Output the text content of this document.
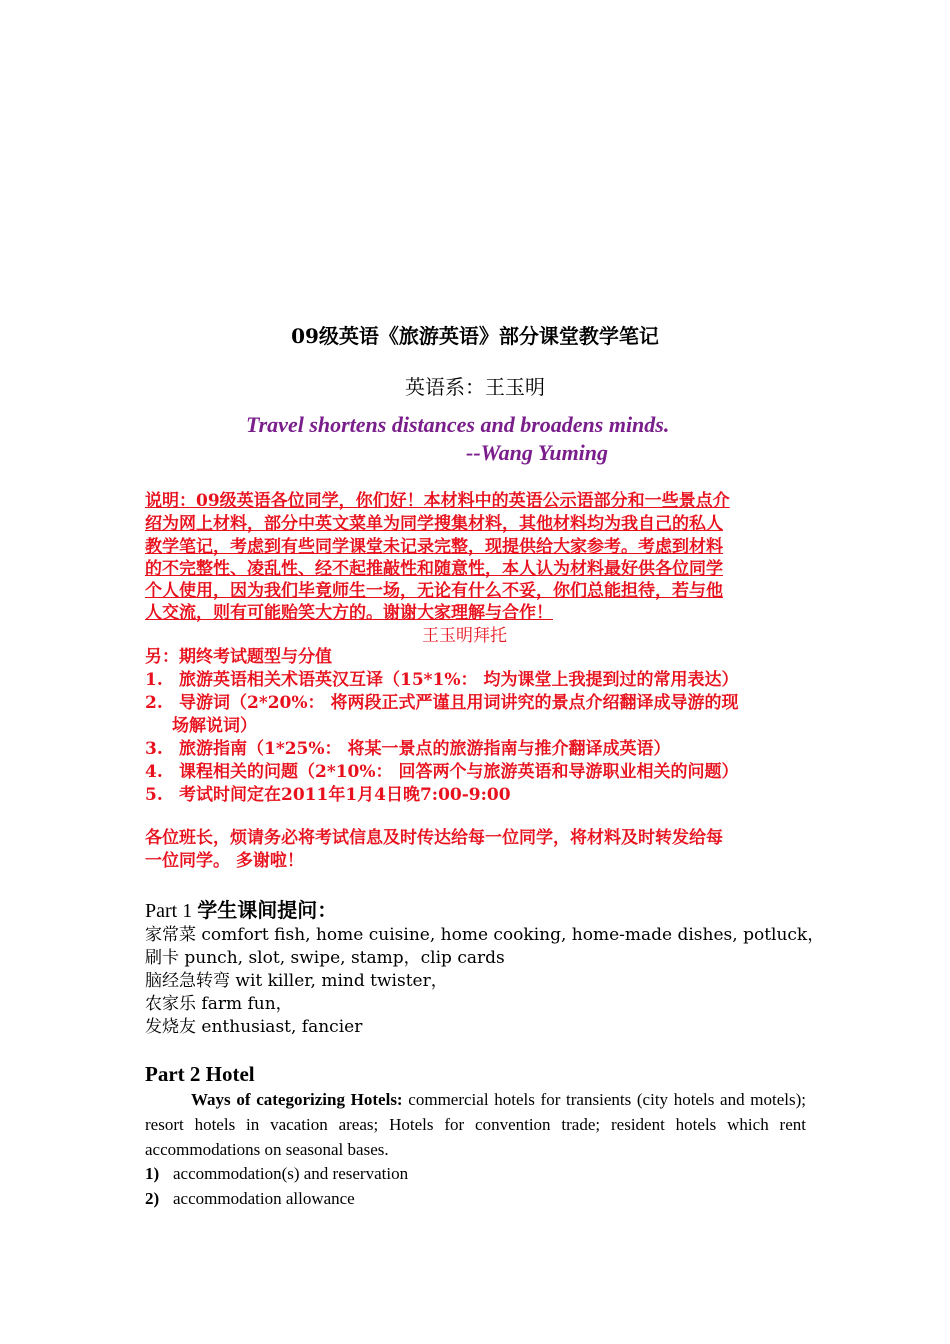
09级英语《旅游英语》部分课堂教学笔记
英语系：王玉明
Travel shortens distances and broadens minds.
--Wang Yuming
说明：09级英语各位同学，你们好！本材料中的英语公示语部分和一些景点介
绍为网上材料，部分中英文菜单为同学搜集材料，其他材料均为我自己的私人
教学笔记，考虑到有些同学课堂未记录完整，现提供给大家参考。考虑到材料
的不完整性、凌乱性、经不起推敲性和随意性，本人认为材料最好供各位同学
个人使用，因为我们毕竟师生一场，无论有什么不妥，你们总能担待，若与他
人交流，则有可能贻笑大方的。谢谢大家理解与合作！
王玉明拜托
另：期终考试题型与分值
1. 旅游英语相关术语英汉互译（15*1%： 均为课堂上我提到过的常用表达）
2. 导游词（2*20%： 将两段正式严谨且用词讲究的景点介绍翻译成导游的现
场解说词）
3. 旅游指南（1*25%： 将某一景点的旅游指南与推介翻译成英语）
4. 课程相关的问题（2*10%： 回答两个与旅游英语和导游职业相关的问题）
5. 考试时间定在2011年1月4日晚7:00-9:00
各位班长，烦请务必将考试信息及时传达给每一位同学，将材料及时转发给每
一位同学。 多谢啦！
Part 1 学生课间提问：
家常菜 comfort fish, home cuisine, home cooking, home-made dishes, potluck，
刷卡 punch, slot, swipe, stamp，clip cards
脑经急转弯 wit killer, mind twister，
农家乐 farm fun，
发烧友 enthusiast, fancier
Part 2 Hotel
Ways of categorizing Hotels: commercial hotels for transients (city hotels and motels); resort hotels in vacation areas; Hotels for convention trade; resident hotels which rent accommodations on seasonal bases.
1) accommodation(s) and reservation
2) accommodation allowance
